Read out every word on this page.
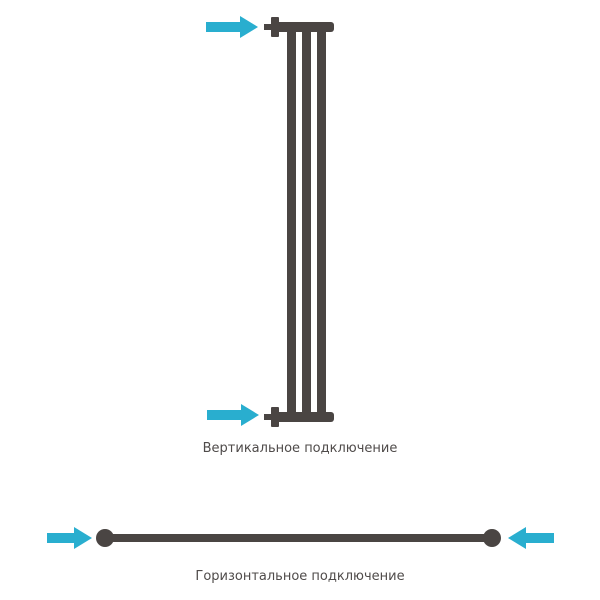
Вертикальное подключение
Горизонтальное подключение
